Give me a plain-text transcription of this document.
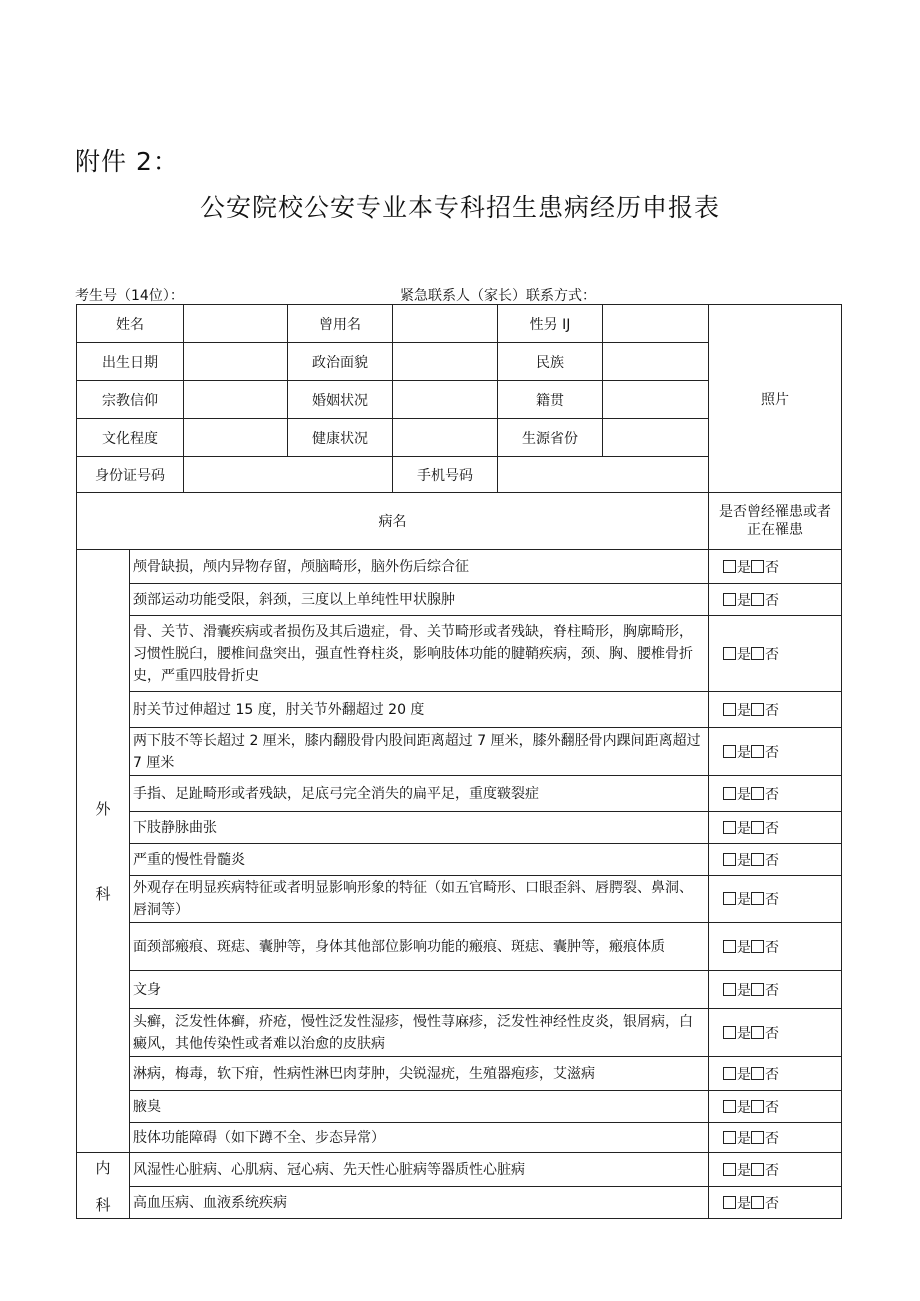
附件 2：
公安院校公安专业本专科招生患病经历申报表
考生号（14位）：	紧急联系人（家长）联系方式：
姓名			曾用名		性另 IJ		照片
出生日期			政治面貌		民族		
宗教信仰			婚姻状况		籍贯		
文化程度			健康状况		生源省份		
身份证号码				手机号码			
病名							是否曾经罹患或者正在罹患

外
科	颅骨缺损，颅内异物存留，颅脑畸形，脑外伤后综合征						是 否
	颈部运动功能受限，斜颈，三度以上单纯性甲状腺肿						是 否
	骨、关节、滑囊疾病或者损伤及其后遗症，骨、关节畸形或者残缺，脊柱畸形，胸廓畸形，习惯性脱臼，腰椎间盘突出，强直性脊柱炎，影响肢体功能的腱鞘疾病，颈、胸、腰椎骨折史，严重四肢骨折史						是 否
	肘关节过伸超过 15 度，肘关节外翻超过 20 度						是 否
	两下肢不等长超过 2 厘米，膝内翻股骨内股间距离超过 7 厘米，膝外翻胫骨内踝间距离超过 7 厘米						是 否
	手指、足趾畸形或者残缺，足底弓完全消失的扁平足，重度皲裂症						是 否
	下肢静脉曲张						是 否
	严重的慢性骨髓炎						是 否
	外观存在明显疾病特征或者明显影响形象的特征（如五官畸形、口眼歪斜、唇腭裂、鼻洞、唇洞等）						是 否
	面颈部瘢痕、斑痣、囊肿等，身体其他部位影响功能的瘢痕、斑痣、囊肿等，瘢痕体质						是 否
	文身						是 否
	头癣，泛发性体癣，疥疮，慢性泛发性湿疹，慢性荨麻疹，泛发性神经性皮炎，银屑病，白癜风，其他传染性或者难以治愈的皮肤病						是 否
	淋病，梅毒，软下疳，性病性淋巴肉芽肿，尖锐湿疣，生殖器疱疹，艾滋病						是 否
	腋臭						是 否
	肢体功能障碍（如下蹲不全、步态异常）						是 否

内
科	风湿性心脏病、心肌病、冠心病、先天性心脏病等器质性心脏病						是 否
	高血压病、血液系统疾病						是 否
